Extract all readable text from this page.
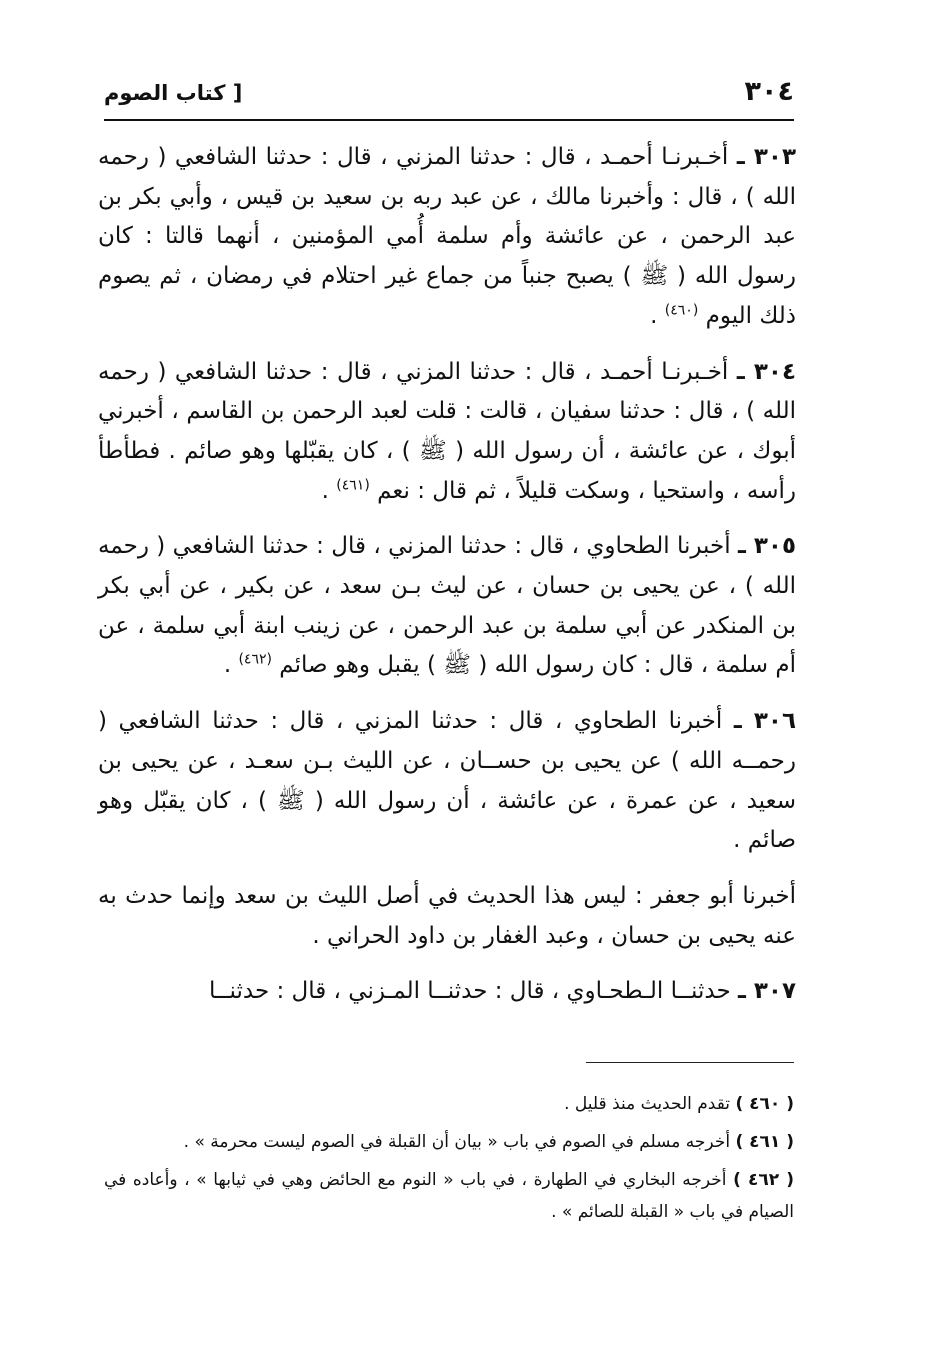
٣٠٤
[ كتاب الصوم

٣٠٣ ـ أخـبرنـا أحمـد ، قال : حدثنا المزني ، قال : حدثنا الشافعي ( رحمه الله ) ، قال : وأخبرنا مالك ، عن عبد ربه بن سعيد بن قيس ، وأبي بكر بن عبد الرحمن ، عن عائشة وأم سلمة أُمي المؤمنين ، أنهما قالتا : كان رسول الله ( ﷺ ) يصبح جنباً من جماع غير احتلام في رمضان ، ثم يصوم ذلك اليوم $^{(٤٦٠)}$ .

٣٠٤ ـ أخـبرنـا أحمـد ، قال : حدثنا المزني ، قال : حدثنا الشافعي ( رحمه الله ) ، قال : حدثنا سفيان ، قالت : قلت لعبد الرحمن بن القاسم ، أخبرني أبوك ، عن عائشة ، أن رسول الله ( ﷺ ) ، كان يقبّلها وهو صائم . فطأطأ رأسه ، واستحيا ، وسكت قليلاً ، ثم قال : نعم $^{(٤٦١)}$ .

٣٠٥ ـ أخبرنا الطحاوي ، قال : حدثنا المزني ، قال : حدثنا الشافعي ( رحمه الله ) ، عن يحيى بن حسان ، عن ليث بـن سعد ، عن بكير ، عن أبي بكر بن المنكدر عن أبي سلمة بن عبد الرحمن ، عن زينب ابنة أبي سلمة ، عن أم سلمة ، قال : كان رسول الله ( ﷺ ) يقبل وهو صائم $^{(٤٦٢)}$ .

٣٠٦ ـ أخبرنا الطحاوي ، قال : حدثنا المزني ، قال : حدثنا الشافعي ( رحمــه الله ) عن يحيى بن حســان ، عن الليث بـن سعـد ، عن يحيى بن سعيد ، عن عمرة ، عن عائشة ، أن رسول الله ( ﷺ ) ، كان يقبّل وهو صائم .

أخبرنا أبو جعفر : ليس هذا الحديث في أصل الليث بن سعد وإنما حدث به عنه يحيى بن حسان ، وعبد الغفار بن داود الحراني .

٣٠٧ ـ حدثنــا الـطحـاوي ، قال : حدثنــا المـزني ، قال : حدثنــا

( ٤٦٠ ) تقدم الحديث منذ قليل .

( ٤٦١ ) أخرجه مسلم في الصوم في باب « بيان أن القبلة في الصوم ليست محرمة » .

( ٤٦٢ ) أخرجه البخاري في الطهارة ، في باب « النوم مع الحائض وهي في ثيابها » ، وأعاده في الصيام في باب « القبلة للصائم » .
